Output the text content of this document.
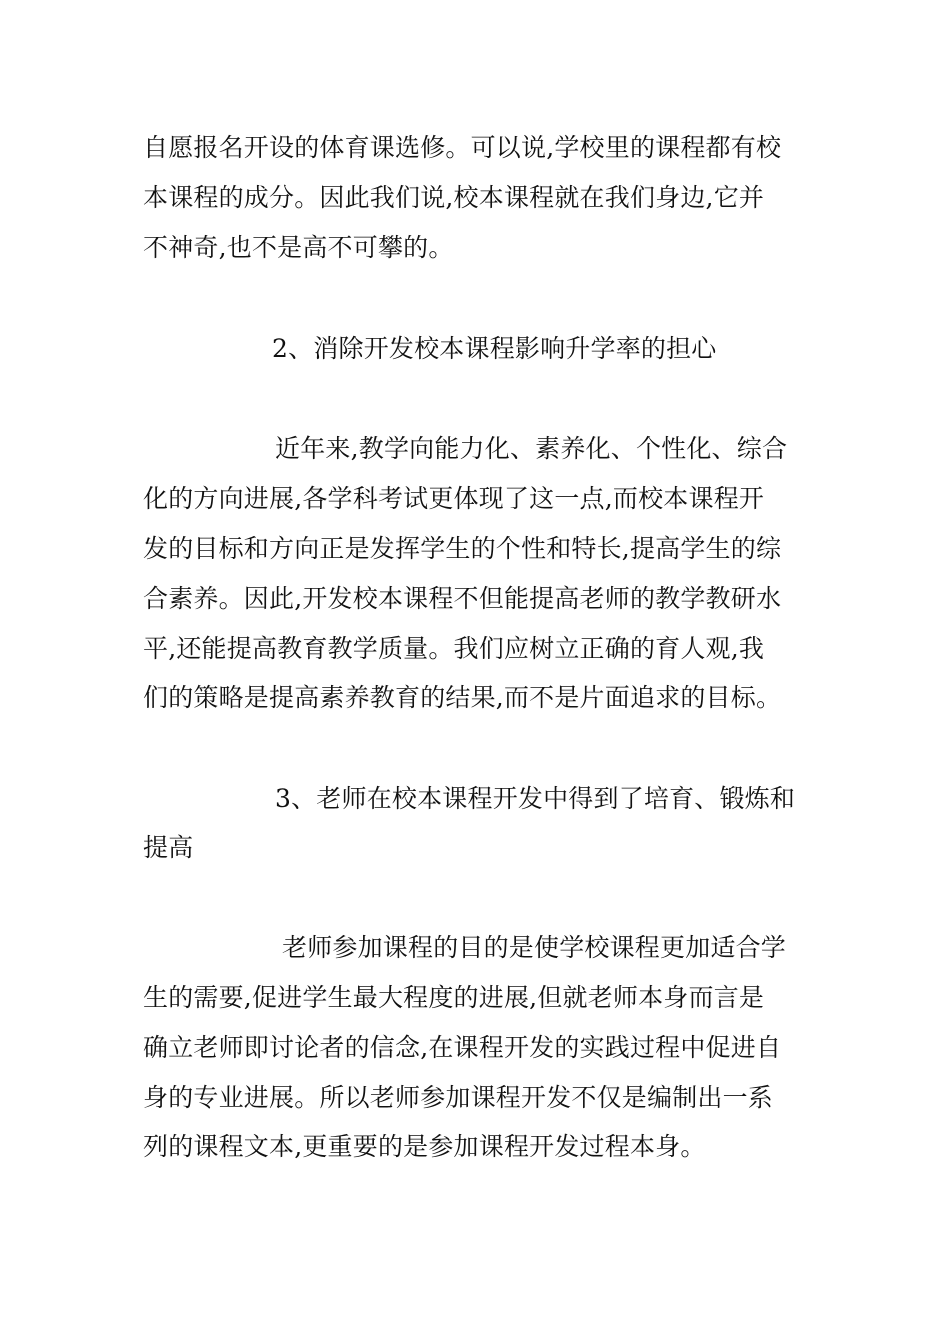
自愿报名开设的体育课选修。可以说,学校里的课程都有校
本课程的成分。因此我们说,校本课程就在我们身边,它并
不神奇,也不是高不可攀的。
2、消除开发校本课程影响升学率的担心
近年来,教学向能力化、素养化、个性化、综合
化的方向进展,各学科考试更体现了这一点,而校本课程开
发的目标和方向正是发挥学生的个性和特长,提高学生的综
合素养。因此,开发校本课程不但能提高老师的教学教研水
平,还能提高教育教学质量。我们应树立正确的育人观,我
们的策略是提高素养教育的结果,而不是片面追求的目标。
3、老师在校本课程开发中得到了培育、锻炼和
提高
老师参加课程的目的是使学校课程更加适合学
生的需要,促进学生最大程度的进展,但就老师本身而言是
确立老师即讨论者的信念,在课程开发的实践过程中促进自
身的专业进展。所以老师参加课程开发不仅是编制出一系
列的课程文本,更重要的是参加课程开发过程本身。
